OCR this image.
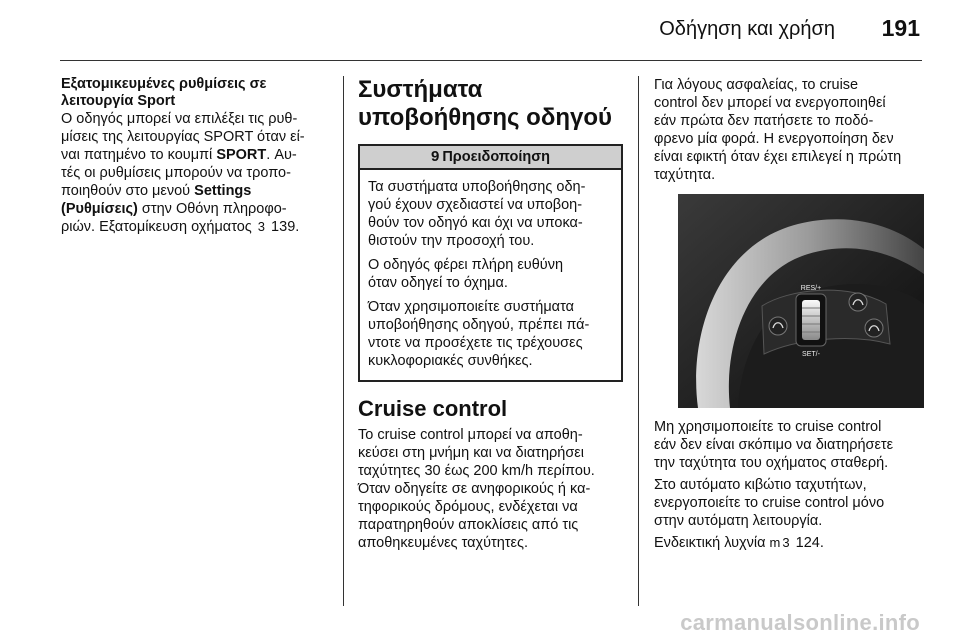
Οδήγηση και χρήση 191
Εξατομικευμένες ρυθμίσεις σε
λειτουργία Sport

Ο οδηγός μπορεί να επιλέξει τις ρυθ-
μίσεις της λειτουργίας SPORT όταν εί-
ναι πατημένο το κουμπί SPORT. Αυ-
τές οι ρυθμίσεις μπορούν να τροπο-
ποιηθούν στο μενού Settings
(Ρυθμίσεις) στην Οθόνη πληροφο-
ριών. Εξατομίκευση οχήματος 3 139.

Συστήματα
υποβοήθησης οδηγού
9 Προειδοποίηση

Τα συστήματα υποβοήθησης οδη-
γού έχουν σχεδιαστεί να υποβοη-
θούν τον οδηγό και όχι να υποκα-
θιστούν την προσοχή του.

Ο οδηγός φέρει πλήρη ευθύνη
όταν οδηγεί το όχημα.

Όταν χρησιμοποιείτε συστήματα
υποβοήθησης οδηγού, πρέπει πά-
ντοτε να προσέχετε τις τρέχουσες
κυκλοφοριακές συνθήκες.

Cruise control

Το cruise control μπορεί να αποθη-
κεύσει στη μνήμη και να διατηρήσει
ταχύτητες 30 έως 200 km/h περίπου.
Όταν οδηγείτε σε ανηφορικούς ή κα-
τηφορικούς δρόμους, ενδέχεται να
παρατηρηθούν αποκλίσεις από τις
αποθηκευμένες ταχύτητες.

Για λόγους ασφαλείας, το cruise
control δεν μπορεί να ενεργοποιηθεί
εάν πρώτα δεν πατήσετε το ποδό-
φρενο μία φορά. Η ενεργοποίηση δεν
είναι εφικτή όταν έχει επιλεγεί η πρώτη
ταχύτητα.

RES/+
SET/-

Μη χρησιμοποιείτε το cruise control
εάν δεν είναι σκόπιμο να διατηρήσετε
την ταχύτητα του οχήματος σταθερή.

Στο αυτόματο κιβώτιο ταχυτήτων,
ενεργοποιείτε το cruise control μόνο
στην αυτόματη λειτουργία.

Ενδεικτική λυχνία m 3 124.

carmanualsonline.info
